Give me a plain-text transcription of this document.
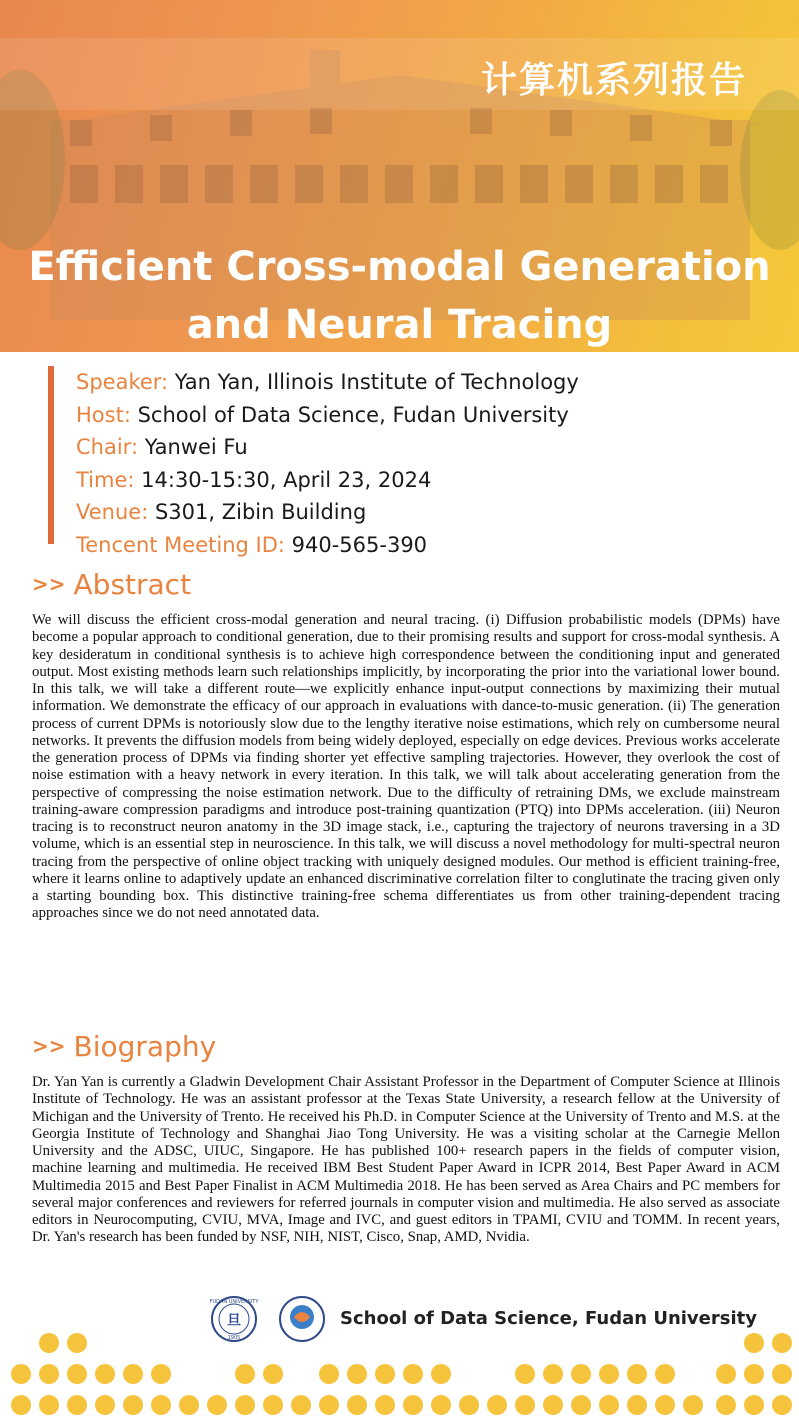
计算机系列报告
Efficient Cross-modal Generation
and Neural Tracing
Speaker: Yan Yan, Illinois Institute of Technology
Host: School of Data Science, Fudan University
Chair: Yanwei Fu
Time: 14:30-15:30, April 23, 2024
Venue: S301, Zibin Building
Tencent Meeting ID: 940-565-390
>> Abstract
We will discuss the efficient cross-modal generation and neural tracing. (i) Diffusion probabilistic models (DPMs) have become a popular approach to conditional generation, due to their promising results and support for cross-modal synthesis. A key desideratum in conditional synthesis is to achieve high correspondence between the conditioning input and generated output. Most existing methods learn such relationships implicitly, by incorporating the prior into the variational lower bound. In this talk, we will take a different route—we explicitly enhance input-output connections by maximizing their mutual information. We demonstrate the efficacy of our approach in evaluations with dance-to-music generation. (ii) The generation process of current DPMs is notoriously slow due to the lengthy iterative noise estimations, which rely on cumbersome neural networks. It prevents the diffusion models from being widely deployed, especially on edge devices. Previous works accelerate the generation process of DPMs via finding shorter yet effective sampling trajectories. However, they overlook the cost of noise estimation with a heavy network in every iteration. In this talk, we will talk about accelerating generation from the perspective of compressing the noise estimation network. Due to the difficulty of retraining DMs, we exclude mainstream training-aware compression paradigms and introduce post-training quantization (PTQ) into DPMs acceleration. (iii) Neuron tracing is to reconstruct neuron anatomy in the 3D image stack, i.e., capturing the trajectory of neurons traversing in a 3D volume, which is an essential step in neuroscience. In this talk, we will discuss a novel methodology for multi-spectral neuron tracing from the perspective of online object tracking with uniquely designed modules. Our method is efficient training-free, where it learns online to adaptively update an enhanced discriminative correlation filter to conglutinate the tracing given only a starting bounding box. This distinctive training-free schema differentiates us from other training-dependent tracing approaches since we do not need annotated data.
>> Biography
Dr. Yan Yan is currently a Gladwin Development Chair Assistant Professor in the Department of Computer Science at Illinois Institute of Technology. He was an assistant professor at the Texas State University, a research fellow at the University of Michigan and the University of Trento. He received his Ph.D. in Computer Science at the University of Trento and M.S. at the Georgia Institute of Technology and Shanghai Jiao Tong University. He was a visiting scholar at the Carnegie Mellon University and the ADSC, UIUC, Singapore. He has published 100+ research papers in the fields of computer vision, machine learning and multimedia. He received IBM Best Student Paper Award in ICPR 2014, Best Paper Award in ACM Multimedia 2015 and Best Paper Finalist in ACM Multimedia 2018. He has been served as Area Chairs and PC members for several major conferences and reviewers for referred journals in computer vision and multimedia. He also served as associate editors in Neurocomputing, CVIU, MVA, Image and IVC, and guest editors in TPAMI, CVIU and TOMM. In recent years, Dr. Yan's research has been funded by NSF, NIH, NIST, Cisco, Snap, AMD, Nvidia.
旦
FUDAN UNIVERSITY
1905
School of Data Science, Fudan University
